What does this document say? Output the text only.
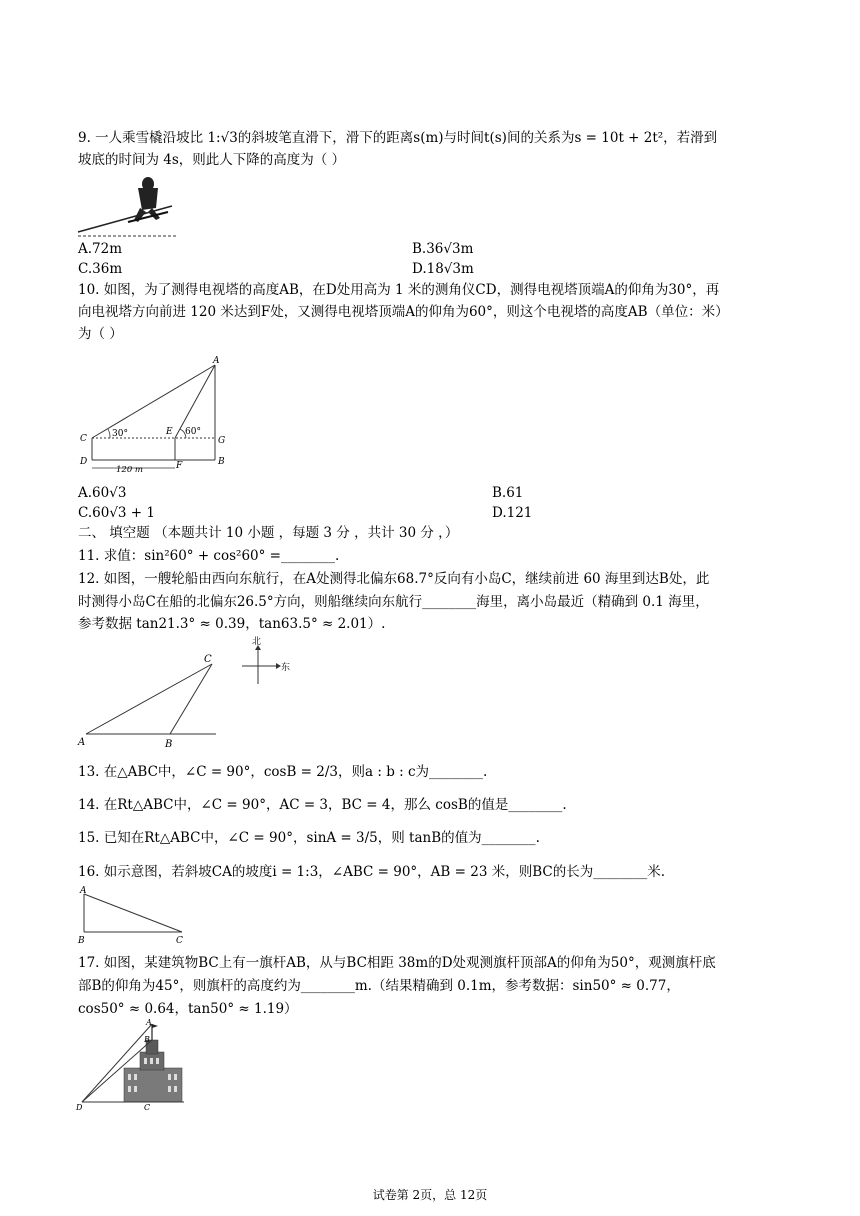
9. 一人乘雪橇沿坡比 1:√3的斜坡笔直滑下，滑下的距离s(m)与时间t(s)间的关系为s = 10t + 2t²，若滑到
坡底的时间为 4s，则此人下降的高度为（ ）
A.72m	B.36√3m
C.36m	D.18√3m
10. 如图，为了测得电视塔的高度AB，在D处用高为 1 米的测角仪CD，测得电视塔顶端A的仰角为30°，再
向电视塔方向前进 120 米达到F处，又测得电视塔顶端A的仰角为60°，则这个电视塔的高度AB（单位：米）
为（ ）
A
C
D
E
F
G
B
30°	60°
120 m
A.60√3	B.61
C.60√3 + 1	D.121
二、 填空题 （本题共计 10 小题 ，每题 3 分 ，共计 30 分 ，）
11. 求值：sin²60° + cos²60° =________.
12. 如图，一艘轮船由西向东航行，在A处测得北偏东68.7°反向有小岛C，继续前进 60 海里到达B处，此
时测得小岛C在船的北偏东26.5°方向，则船继续向东航行________海里，离小岛最近（精确到 0.1 海里，
参考数据 tan21.3° ≈ 0.39，tan63.5° ≈ 2.01）.
A	B
C
北
东
13. 在△ABC中，∠C = 90°，cosB = 2/3，则a : b : c为________.
14. 在Rt△ABC中，∠C = 90°，AC = 3，BC = 4，那么 cosB的值是________.
15. 已知在Rt△ABC中，∠C = 90°，sinA = 3/5，则 tanB的值为________.
16. 如示意图，若斜坡CA的坡度i = 1:3，∠ABC = 90°，AB = 23 米，则BC的长为________米.
A
B	C
17. 如图，某建筑物BC上有一旗杆AB，从与BC相距 38m的D处观测旗杆顶部A的仰角为50°，观测旗杆底
部B的仰角为45°，则旗杆的高度约为________m.（结果精确到 0.1m，参考数据：sin50° ≈ 0.77，
cos50° ≈ 0.64，tan50° ≈ 1.19）
A
B
C
D
试卷第 2页，总 12页
